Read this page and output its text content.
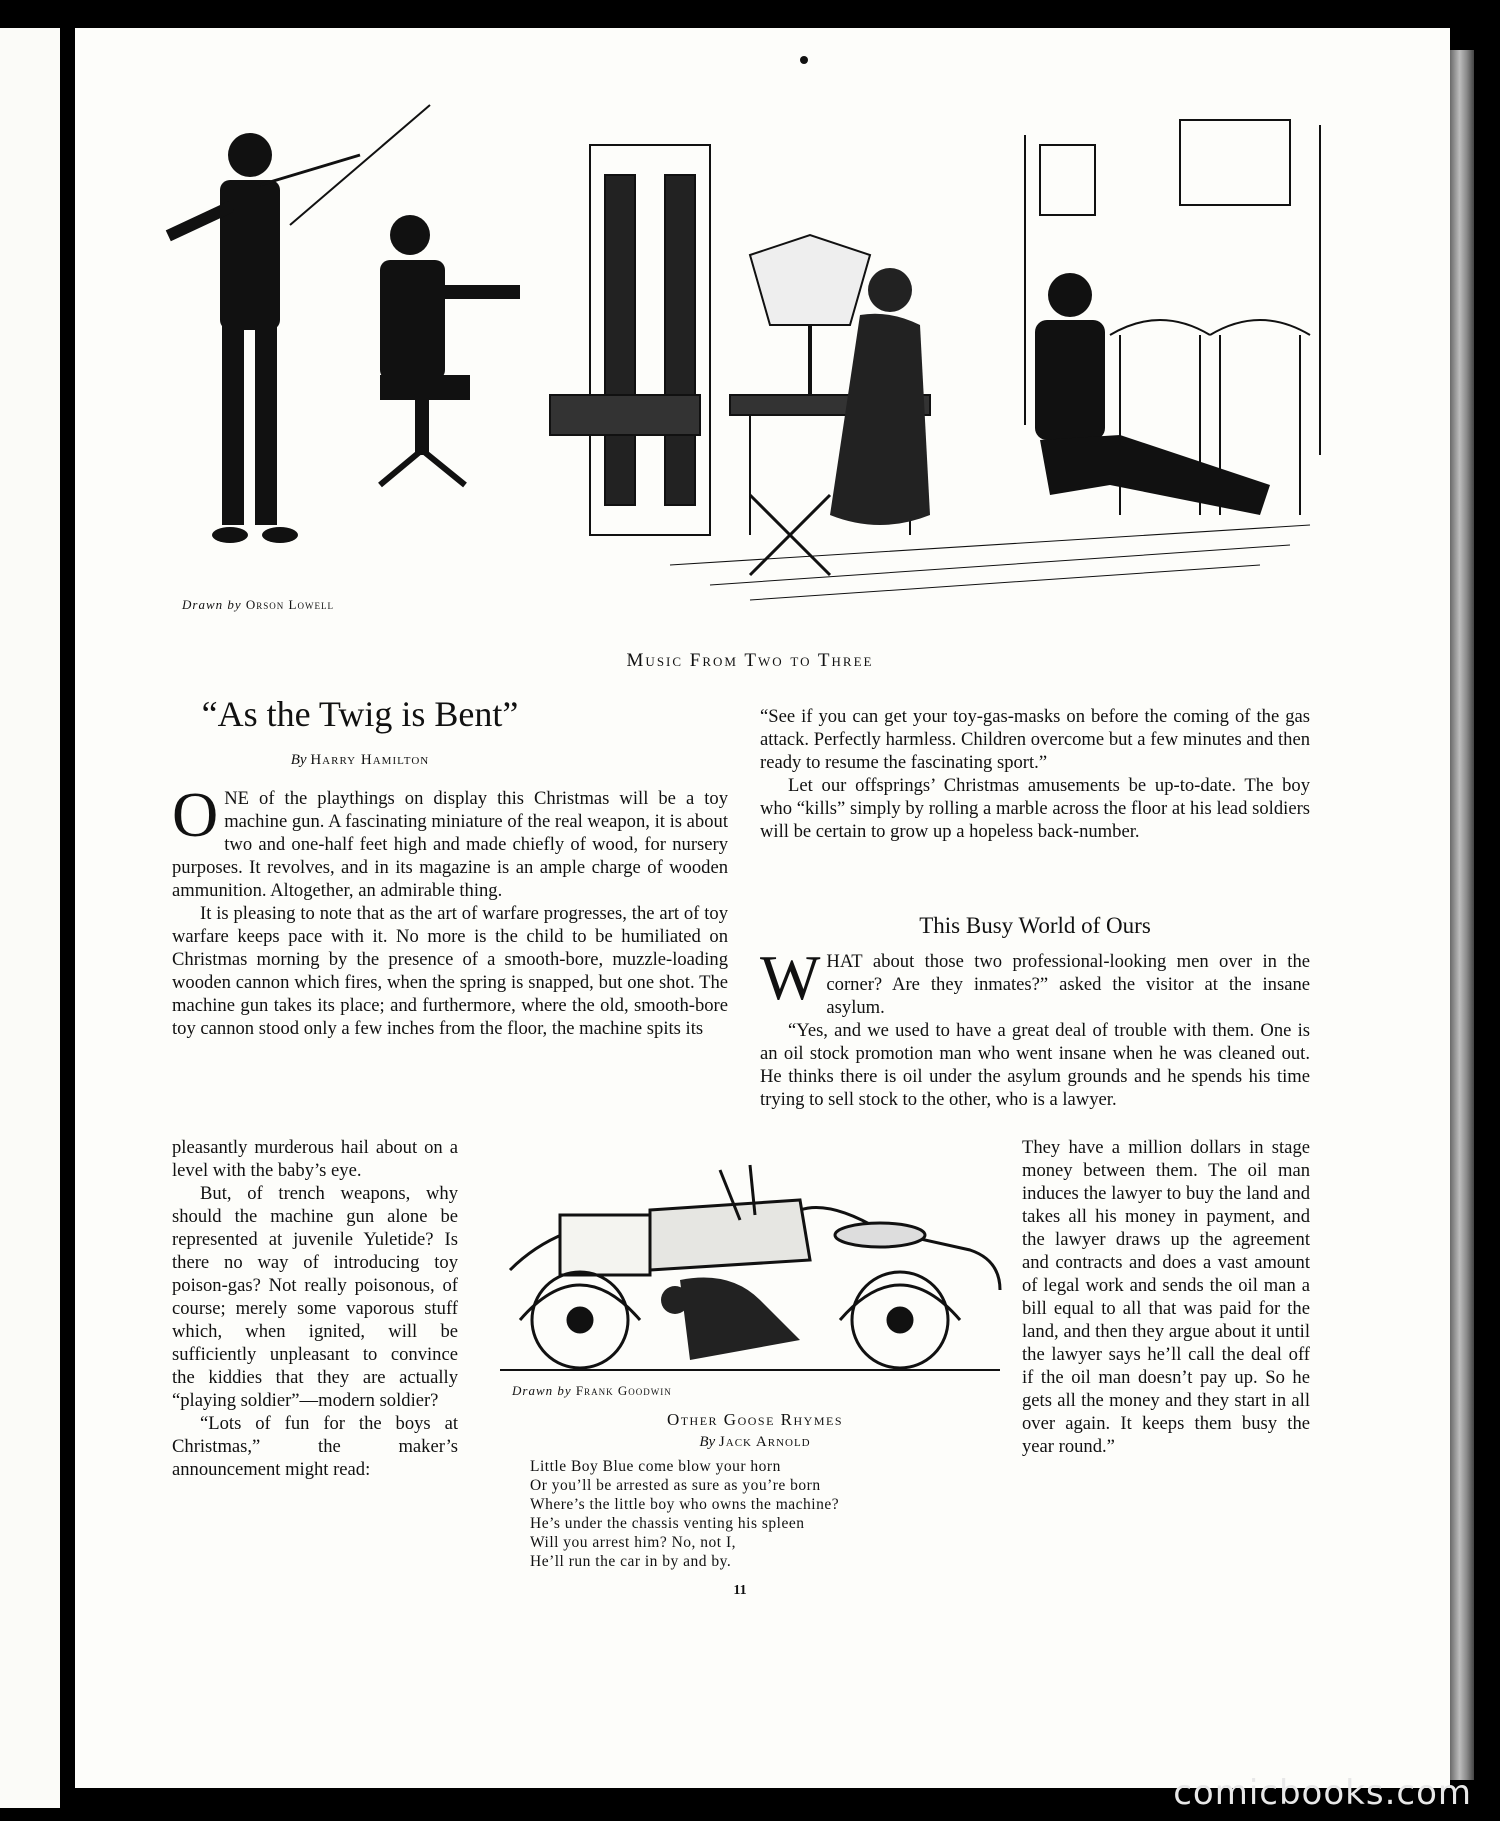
Drawn by Orson Lowell
Music From Two to Three
“As the Twig is Bent”
By Harry Hamilton

ONE of the playthings on display this Christmas will be a toy machine gun. A fascinating miniature of the real weapon, it is about two and one-half feet high and made chiefly of wood, for nursery purposes. It revolves, and in its magazine is an ample charge of wooden ammunition. Altogether, an admirable thing.

It is pleasing to note that as the art of warfare progresses, the art of toy warfare keeps pace with it. No more is the child to be humiliated on Christmas morning by the presence of a smooth-bore, muzzle-loading wooden cannon which fires, when the spring is snapped, but one shot. The machine gun takes its place; and furthermore, where the old, smooth-bore toy cannon stood only a few inches from the floor, the machine spits its

pleasantly murderous hail about on a level with the baby’s eye.

But, of trench weapons, why should the machine gun alone be represented at juvenile Yuletide? Is there no way of introducing toy poison-gas? Not really poisonous, of course; merely some vaporous stuff which, when ignited, will be sufficiently unpleasant to convince the kiddies that they are actually “playing soldier”—modern soldier?

“Lots of fun for the boys at Christmas,” the maker’s announcement might read:

“See if you can get your toy-gas-masks on before the coming of the gas attack. Perfectly harmless. Children overcome but a few minutes and then ready to resume the fascinating sport.”

Let our offsprings’ Christmas amusements be up-to-date. The boy who “kills” simply by rolling a marble across the floor at his lead soldiers will be certain to grow up a hopeless back-number.

This Busy World of Ours

WHAT about those two professional-looking men over in the corner? Are they inmates?” asked the visitor at the insane asylum.

“Yes, and we used to have a great deal of trouble with them. One is an oil stock promotion man who went insane when he was cleaned out. He thinks there is oil under the asylum grounds and he spends his time trying to sell stock to the other, who is a lawyer.

They have a million dollars in stage money between them. The oil man induces the lawyer to buy the land and takes all his money in payment, and the lawyer draws up the agreement and contracts and does a vast amount of legal work and sends the oil man a bill equal to all that was paid for the land, and then they argue about it until the lawyer says he’ll call the deal off if the oil man doesn’t pay up. So he gets all the money and they start in all over again. It keeps them busy the year round.”

Drawn by Frank Goodwin
Other Goose Rhymes
By Jack Arnold
Little Boy Blue come blow your horn
Or you’ll be arrested as sure as you’re born
Where’s the little boy who owns the machine?
He’s under the chassis venting his spleen
Will you arrest him? No, not I,
He’ll run the car in by and by.
11
comicbooks.com
